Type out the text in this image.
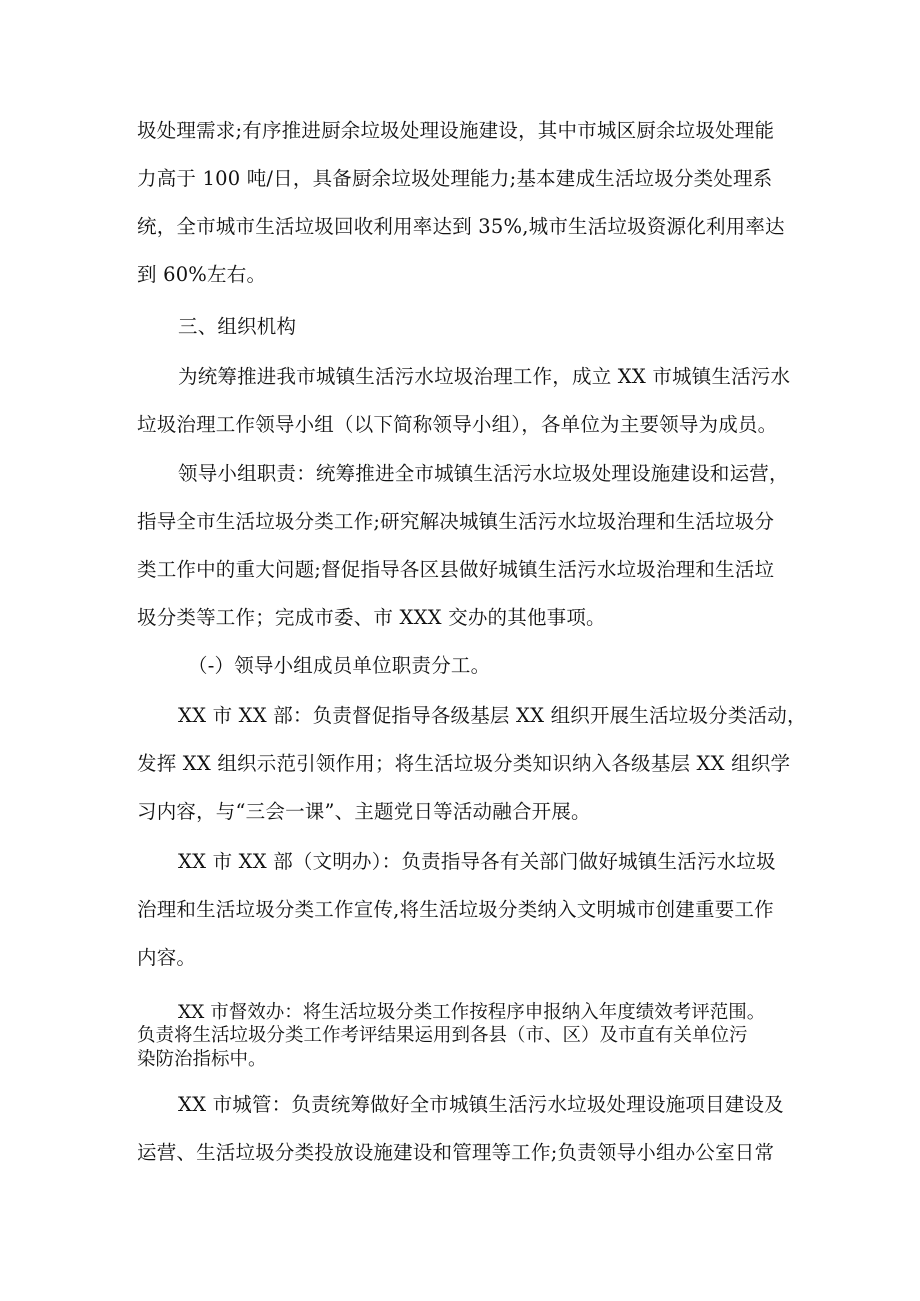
圾处理需求;有序推进厨余垃圾处理设施建设，其中市城区厨余垃圾处理能
力高于 100 吨/日，具备厨余垃圾处理能力;基本建成生活垃圾分类处理系
统，全市城市生活垃圾回收利用率达到 35%,城市生活垃圾资源化利用率达
到 60%左右。
三、组织机构
为统筹推进我市城镇生活污水垃圾治理工作，成立 XX 市城镇生活污水
垃圾治理工作领导小组（以下简称领导小组），各单位为主要领导为成员。
领导小组职责：统筹推进全市城镇生活污水垃圾处理设施建设和运营，
指导全市生活垃圾分类工作;研究解决城镇生活污水垃圾治理和生活垃圾分
类工作中的重大问题;督促指导各区县做好城镇生活污水垃圾治理和生活垃
圾分类等工作；完成市委、市 XXX 交办的其他事项。
（-）领导小组成员单位职责分工。
XX 市 XX 部：负责督促指导各级基层 XX 组织开展生活垃圾分类活动，
发挥 XX 组织示范引领作用；将生活垃圾分类知识纳入各级基层 XX 组织学
习内容，与“三会一课”、主题党日等活动融合开展。
XX 市 XX 部（文明办）：负责指导各有关部门做好城镇生活污水垃圾
治理和生活垃圾分类工作宣传,将生活垃圾分类纳入文明城市创建重要工作
内容。
XX 市督效办：将生活垃圾分类工作按程序申报纳入年度绩效考评范围。
负责将生活垃圾分类工作考评结果运用到各县（市、区）及市直有关单位污
染防治指标中。
XX 市城管：负责统筹做好全市城镇生活污水垃圾处理设施项目建设及
运营、生活垃圾分类投放设施建设和管理等工作;负责领导小组办公室日常
